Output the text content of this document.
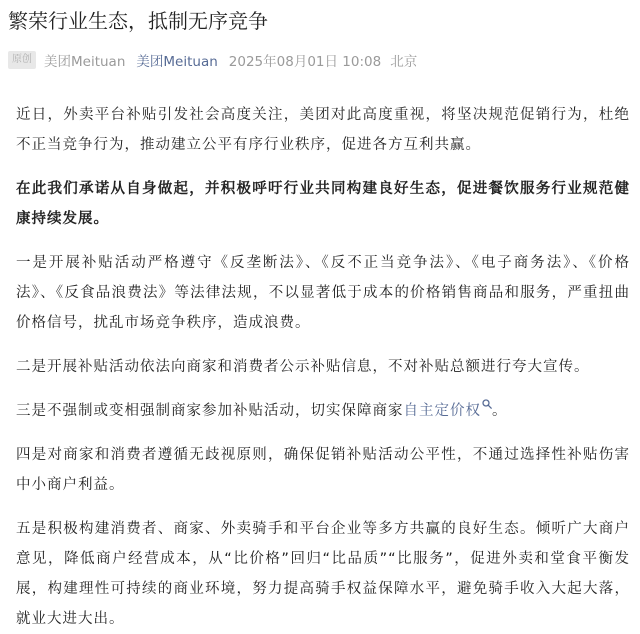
繁荣行业生态，抵制无序竞争
原创 美团Meituan 美团Meituan 2025年08月01日 10:08 北京

近日，外卖平台补贴引发社会高度关注，美团对此高度重视，将坚决规范促销行为，杜绝不正当竞争行为，推动建立公平有序行业秩序，促进各方互利共赢。

在此我们承诺从自身做起，并积极呼吁行业共同构建良好生态，促进餐饮服务行业规范健康持续发展。

一是开展补贴活动严格遵守《反垄断法》、《反不正当竞争法》、《电子商务法》、《价格法》、《反食品浪费法》等法律法规，不以显著低于成本的价格销售商品和服务，严重扭曲价格信号，扰乱市场竞争秩序，造成浪费。

二是开展补贴活动依法向商家和消费者公示补贴信息，不对补贴总额进行夸大宣传。

三是不强制或变相强制商家参加补贴活动，切实保障商家自主定价权 。

四是对商家和消费者遵循无歧视原则，确保促销补贴活动公平性，不通过选择性补贴伤害中小商户利益。

五是积极构建消费者、商家、外卖骑手和平台企业等多方共赢的良好生态。倾听广大商户意见，降低商户经营成本，从“比价格”回归“比品质”“比服务”，促进外卖和堂食平衡发展，构建理性可持续的商业环境，努力提高骑手权益保障水平，避免骑手收入大起大落，就业大进大出。
